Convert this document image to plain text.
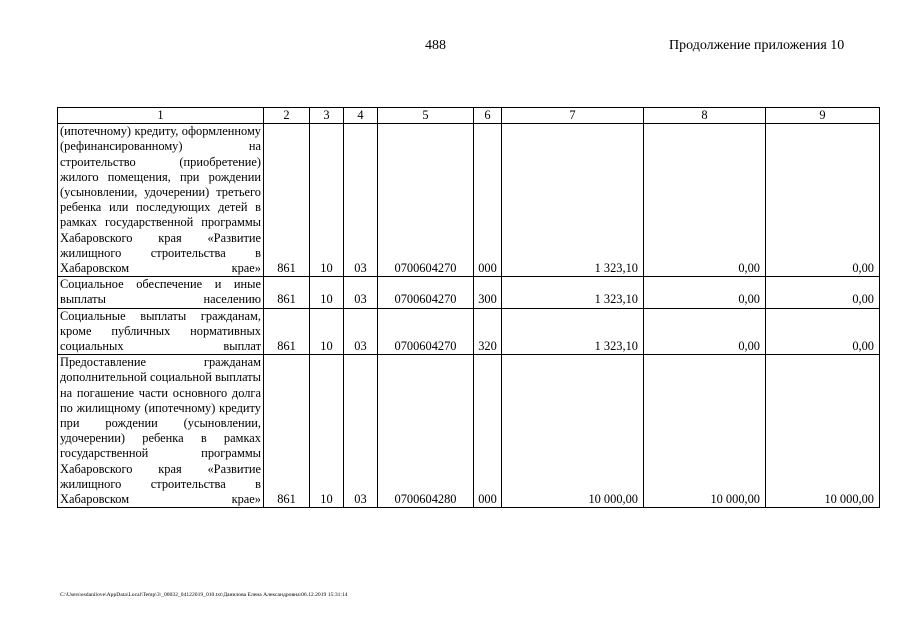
488	Продолжение приложения 10
1	2	3	4	5	6	7	8	9
(ипотечному) кредиту, оформленному (рефинансированному) на строительство (приобретение) жилого помещения, при рождении (усыновлении, удочерении) третьего ребенка или последующих детей в рамках государственной программы Хабаровского края «Развитие жилищного строительства в Хабаровском крае»	861	10	03	0700604270	000	1 323,10	0,00	0,00
Социальное обеспечение и иные выплаты населению	861	10	03	0700604270	300	1 323,10	0,00	0,00
Социальные выплаты гражданам, кроме публичных нормативных социальных выплат	861	10	03	0700604270	320	1 323,10	0,00	0,00
Предоставление гражданам дополнительной социальной выплаты на погашение части основного долга по жилищному (ипотечному) кредиту при рождении (усыновлении, удочерении) ребенка в рамках государственной программы Хабаровского края «Развитие жилищного строительства в Хабаровском крае»	861	10	03	0700604280	000	10 000,00	10 000,00	10 000,00
C:\Users\esdanilove\AppData\Local\Temp\3\_00032_04122019_010.txt\Данилова Елена Александровна\06.12.2019 15:31:14
